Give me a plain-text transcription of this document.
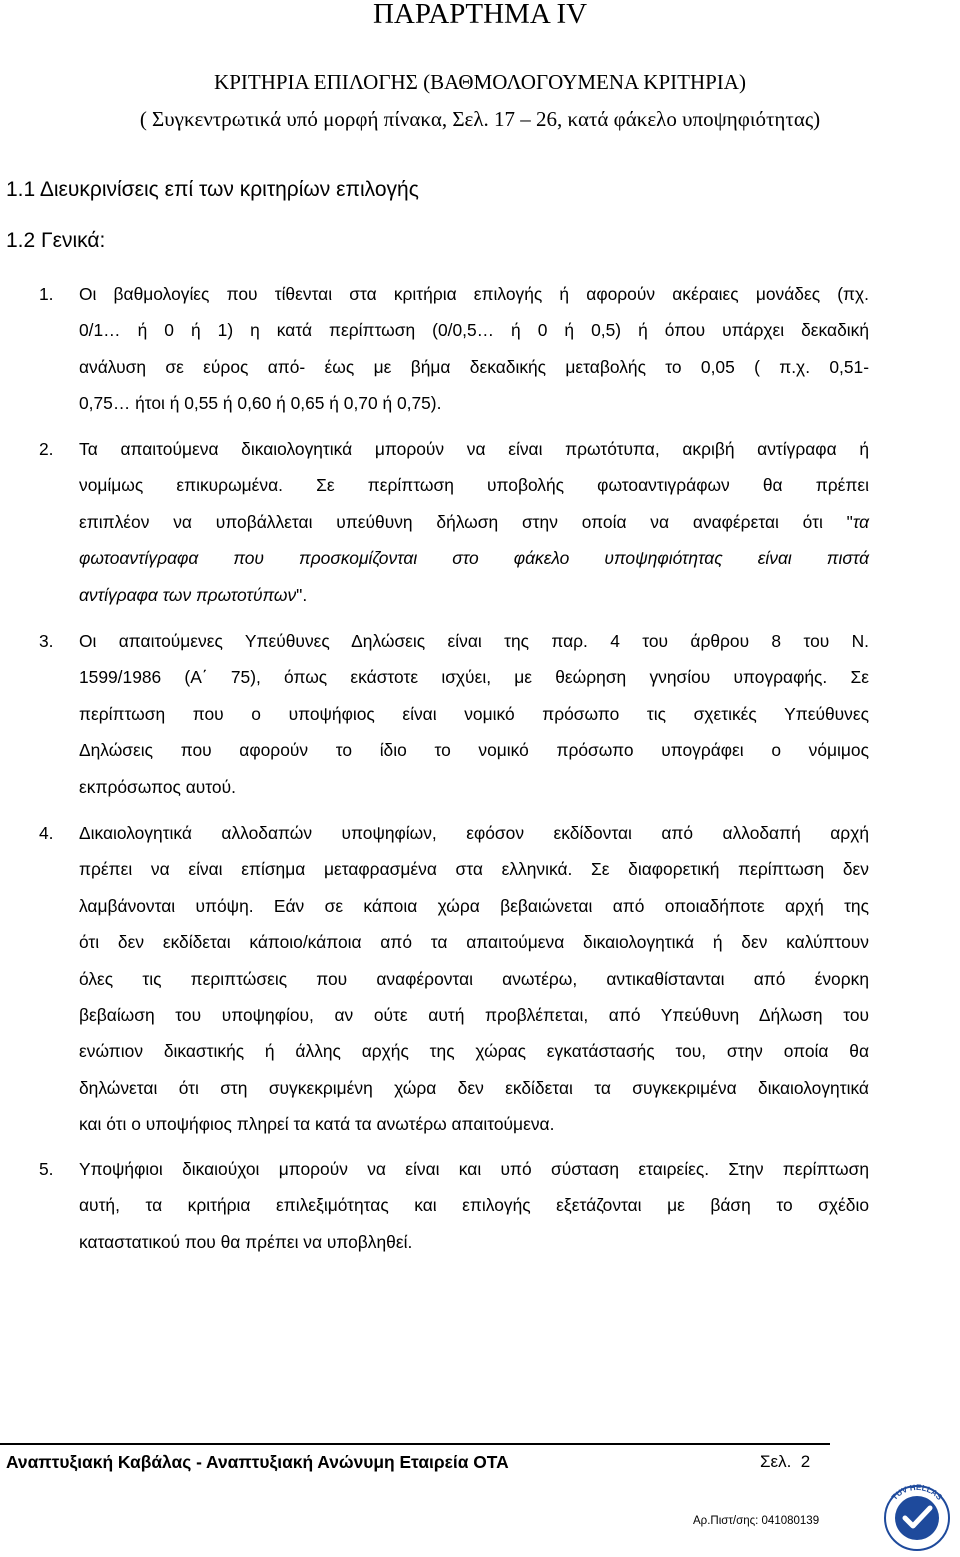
ΠΑΡΑΡΤΗΜΑ ΙV
ΚΡΙΤΗΡΙΑ ΕΠΙΛΟΓΗΣ (ΒΑΘΜΟΛΟΓΟΥΜΕΝΑ ΚΡΙΤΗΡΙΑ)
( Συγκεντρωτικά υπό μορφή πίνακα, Σελ. 17 – 26, κατά φάκελο υποψηφιότητας)
1.1 Διευκρινίσεις επί των κριτηρίων επιλογής
1.2 Γενικά:
1. Οι βαθμολογίες που τίθενται στα κριτήρια επιλογής ή αφορούν ακέραιες μονάδες (πχ.
0/1… ή 0 ή 1) η κατά περίπτωση (0/0,5… ή 0 ή 0,5) ή όπου υπάρχει δεκαδική
ανάλυση σε εύρος από- έως με βήμα δεκαδικής μεταβολής το 0,05 ( π.χ. 0,51-
0,75… ήτοι ή 0,55 ή 0,60 ή 0,65 ή 0,70 ή 0,75).
2. Τα απαιτούμενα δικαιολογητικά μπορούν να είναι πρωτότυπα, ακριβή αντίγραφα ή
νομίμως επικυρωμένα. Σε περίπτωση υποβολής φωτοαντιγράφων θα πρέπει
επιπλέον να υποβάλλεται υπεύθυνη δήλωση στην οποία να αναφέρεται ότι "τα
φωτοαντίγραφα που προσκομίζονται στο φάκελο υποψηφιότητας είναι πιστά
αντίγραφα των πρωτοτύπων".
3. Οι απαιτούμενες Υπεύθυνες Δηλώσεις είναι της παρ. 4 του άρθρου 8 του Ν.
1599/1986 (Α΄ 75), όπως εκάστοτε ισχύει, με θεώρηση γνησίου υπογραφής. Σε
περίπτωση που ο υποψήφιος είναι νομικό πρόσωπο τις σχετικές Υπεύθυνες
Δηλώσεις που αφορούν το ίδιο το νομικό πρόσωπο υπογράφει ο νόμιμος
εκπρόσωπος αυτού.
4. Δικαιολογητικά αλλοδαπών υποψηφίων, εφόσον εκδίδονται από αλλοδαπή αρχή
πρέπει να είναι επίσημα μεταφρασμένα στα ελληνικά. Σε διαφορετική περίπτωση δεν
λαμβάνονται υπόψη. Εάν σε κάποια χώρα βεβαιώνεται από οποιαδήποτε αρχή της
ότι δεν εκδίδεται κάποιο/κάποια από τα απαιτούμενα δικαιολογητικά ή δεν καλύπτουν
όλες τις περιπτώσεις που αναφέρονται ανωτέρω, αντικαθίστανται από ένορκη
βεβαίωση του υποψηφίου, αν ούτε αυτή προβλέπεται, από Υπεύθυνη Δήλωση του
ενώπιον δικαστικής ή άλλης αρχής της χώρας εγκατάστασής του, στην οποία θα
δηλώνεται ότι στη συγκεκριμένη χώρα δεν εκδίδεται τα συγκεκριμένα δικαιολογητικά
και ότι ο υποψήφιος πληρεί τα κατά τα ανωτέρω απαιτούμενα.
5. Υποψήφιοι δικαιούχοι μπορούν να είναι και υπό σύσταση εταιρείες. Στην περίπτωση
αυτή, τα κριτήρια επιλεξιμότητας και επιλογής εξετάζονται με βάση το σχέδιο
καταστατικού που θα πρέπει να υποβληθεί.
Αναπτυξιακή Καβάλας - Αναπτυξιακή Ανώνυμη Εταιρεία ΟΤΑ	Σελ. 2
Αρ.Πιστ/σης: 041080139
TUV HELLAS
